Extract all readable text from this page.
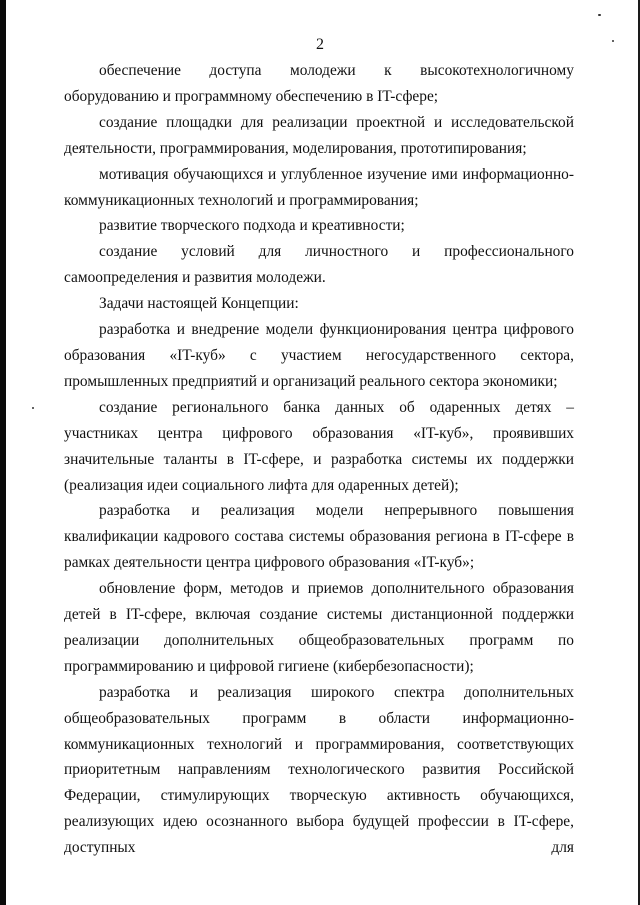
2

обеспечение доступа молодежи к высокотехнологичному оборудованию и программному обеспечению в IT-сфере;

создание площадки для реализации проектной и исследовательской деятельности, программирования, моделирования, прототипирования;

мотивация обучающихся и углубленное изучение ими информационно-коммуникационных технологий и программирования;

развитие творческого подхода и креативности;

создание условий для личностного и профессионального самоопределения и развития молодежи.

Задачи настоящей Концепции:

разработка и внедрение модели функционирования центра цифрового образования «IT-куб» с участием негосударственного сектора, промышленных предприятий и организаций реального сектора экономики;

создание регионального банка данных об одаренных детях – участниках центра цифрового образования «IT-куб», проявивших значительные таланты в IT-сфере, и разработка системы их поддержки (реализация идеи социального лифта для одаренных детей);

разработка и реализация модели непрерывного повышения квалификации кадрового состава системы образования региона в IT-сфере в рамках деятельности центра цифрового образования «IT-куб»;

обновление форм, методов и приемов дополнительного образования детей в IT-сфере, включая создание системы дистанционной поддержки реализации дополнительных общеобразовательных программ по программированию и цифровой гигиене (кибербезопасности);

разработка и реализация широкого спектра дополнительных общеобразовательных программ в области информационно-коммуникационных технологий и программирования, соответствующих приоритетным направлениям технологического развития Российской Федерации, стимулирующих творческую активность обучающихся, реализующих идею осознанного выбора будущей профессии в IT-сфере, доступных для
